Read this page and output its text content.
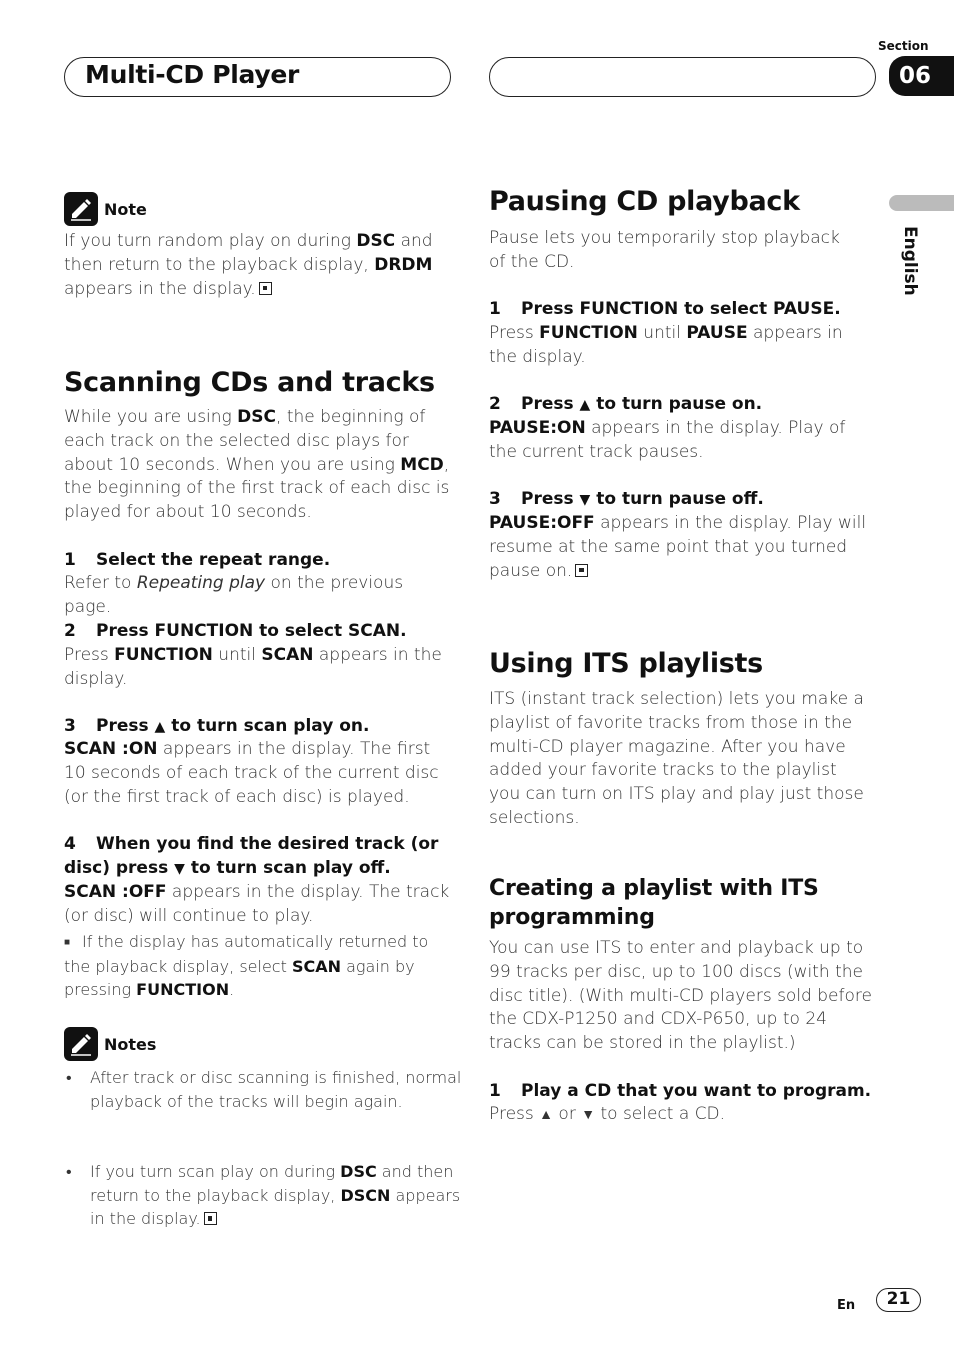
Multi-CD Player
Section
06
English
Note

If you turn random play on during DSC and then return to the playback display, DRDM appears in the display.

Scanning CDs and tracks

While you are using DSC, the beginning of each track on the selected disc plays for about 10 seconds. When you are using MCD, the beginning of the first track of each disc is played for about 10 seconds.

1 Select the repeat range.

Refer to Repeating play on the previous page.

2 Press FUNCTION to select SCAN.

Press FUNCTION until SCAN appears in the display.

3 Press ▲ to turn scan play on.

SCAN :ON appears in the display. The first 10 seconds of each track of the current disc (or the first track of each disc) is played.

4 When you find the desired track (or disc) press ▼ to turn scan play off.

SCAN :OFF appears in the display. The track (or disc) will continue to play.

■ If the display has automatically returned to the playback display, select SCAN again by pressing FUNCTION.

Notes

• After track or disc scanning is finished, normal playback of the tracks will begin again.

• If you turn scan play on during DSC and then return to the playback display, DSCN appears in the display.

Pausing CD playback

Pause lets you temporarily stop playback of the CD.

1 Press FUNCTION to select PAUSE.

Press FUNCTION until PAUSE appears in the display.

2 Press ▲ to turn pause on.

PAUSE:ON appears in the display. Play of the current track pauses.

3 Press ▼ to turn pause off.

PAUSE:OFF appears in the display. Play will resume at the same point that you turned pause on.

Using ITS playlists

ITS (instant track selection) lets you make a playlist of favorite tracks from those in the multi-CD player magazine. After you have added your favorite tracks to the playlist you can turn on ITS play and play just those selections.

Creating a playlist with ITS programming

You can use ITS to enter and playback up to 99 tracks per disc, up to 100 discs (with the disc title). (With multi-CD players sold before the CDX-P1250 and CDX-P650, up to 24 tracks can be stored in the playlist.)

1 Play a CD that you want to program.

Press ▲ or ▼ to select a CD.

En	21
